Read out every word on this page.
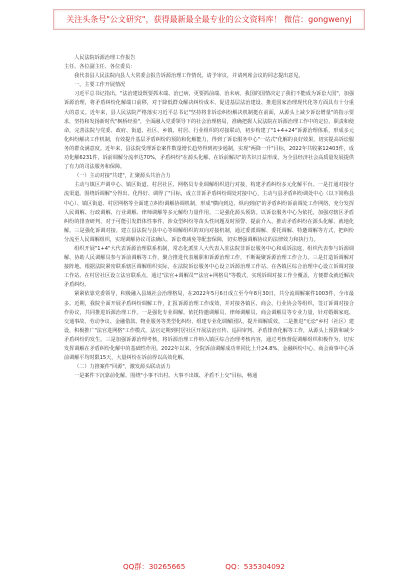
关注头条号"公文研究"，获得最新最全最专业的公文资料库！ 微信：gongwenyj

人民法院诉源治理工作报告

主任、各位副主任、各位委员：

我代表县人民法院向县人大常委会报告诉源治理工作情况，请予审议，并请列席会议的同志提出意见。

一、主要工作开展情况

习近平总书记指出，"法治建设既要抓末端、治已病，更要抓前端、治未病。我国的国情决定了我们不能成为诉讼大国"，加强诉源治理，将矛盾纠纷化解端口前移，对于降低群众解决纠纷成本、促进基层法治建设、推进国家治理现代化等方面具有十分重大的意义。近年来，县人民法院严格落实习近平总书记"坚持将非诉讼纠纷解决机制挺在前面，从源头上减少诉讼增量"的指示要求，坚持和发扬新时代"枫桥经验"，全面融入党委领导下的社会治理格局，准确把握人民法院在诉源治理工作中的定位、职责和使命，完善法院与党委、政府、街道、社区、乡镇、村居、行业组织的对接联动，初步构建了"1+4+24"诉源治理体系，形成多元化纠纷解决工作机制，有效提升基层矛盾纠纷的预防和化解能力，得到了诉讼服务中心"一站式"化解的良好效果，切实提高诉讼服务的群众满意度。近年来，县法院受理诉讼案件数量增长趋势得到初步遏制，实现"两降一升"目标，2022年共收案12403件，成功化解6231件，诉前调解分流率达70%，矛盾纠纷"在源头化解、在诉前解决"的共识日益形成，为全县经济社会高质量发展提供了有力的司法服务和保障。

（一）主动对接"共建"，汇聚源头共治合力

主动与镇区声调中心、镇区街道、村居社区、网格员专业调解组织进行对接，构建矛盾纠纷多元化解平台。一是打通对接分流渠道。围绕诉调解"分得出、化得好、调得了"目标，成立非诉矛盾纠纷调处对接中心，主动与县矛盾纠纷调处中心（以下简称县中心）、镇区街道、村居网格等全面建立纠纷调解协调机制，形成"横向到边、纵向到底"的矛盾纠纷诉前调处工作网络，充分发挥人民调解、行政调解、行业调解、律师调解等多元解纷力量作用。二是强化源头预防。以诉讼服务中心为依托，加强对辖区矛盾纠纷的排查研判，对于可能引发群体性事件、涉众型纠纷等苗头性问题及时预警、提前介入，推动矛盾纠纷在源头化解、就地化解。三是强化诉调对接。建立县法院与县中心等调解组织的双向对接机制，通过委派调解、委托调解、特邀调解等方式，把纠纷分流至人民调解组织，实现调解协议司法确认、诉讼费减免等配套保障，切实增强调解协议的法律效力和执行力。

组织开展"1+4"大代表诉源治理联系机制，常态化派驻人大代表入驻法院非诉讼服务中心和成诉法庭，组织代表参与诉源调解、协助人民调解员参与诉前调解等工作，聚合推进代表履职和诉源治理工作，不断凝聚诉源治理工作合力。三是打造诉调解对接阵地。根据法院紧密联系辖区调解组织实际，在法院诉讼服务中心设立诉源治理工作站、在各镇区综合治理中心设立诉调对接工作站、在村居社区设立法官联系点，通过"法官+调解员""法官+网格员"等模式，实现诉调对接工作全覆盖，方便群众就近解决矛盾纠纷。

紧紧依靠党委领导，积极融入县域社会治理格局，在2022年5月6日成立至今年8月30日，共分流调解案件1003件，全市最多。近期，我院全面开展矛盾纠纷调解工作，汇报诉源治理工作成效，并对接各镇区、商会、行业协会等组织，签订诉调对接合作协议，共同推进诉源治理工作。一是强化专业调解。依托特邀调解员、律师调解员、商会调解员等专业力量，针对婚姻家庭、交通事故、劳动争议、金融借款、物业服务等类型化纠纷，组建专业化调解团队，提升调解质效。二是推进"无讼"乡村（社区）建设，积极推广"法官进网格"工作模式，法官定期到村居社区开展法治宣传、巡回审判、矛盾排查化解等工作，从源头上预防和减少矛盾纠纷的发生。三是加强诉源治理考核，将诉源治理工作纳入镇区综合治理考核内容，通过考核督促调解组织积极作为，切实发挥调解在矛盾纠纷化解中的基础性作用。2022年以来，全院诉前调解成功率同比上升24.8%，金融纠纷中心、商会商事中心诉前调解平均时限15天，大量纠纷在诉前得以高效化解。

（二）力推案件"回源"，激发源头联动活力

一是案件下沉靠前化解。围绕"小事不出村、大事不出镇、矛盾不上交"目标，畅通

QQ群：30265665	QQ：535304092
